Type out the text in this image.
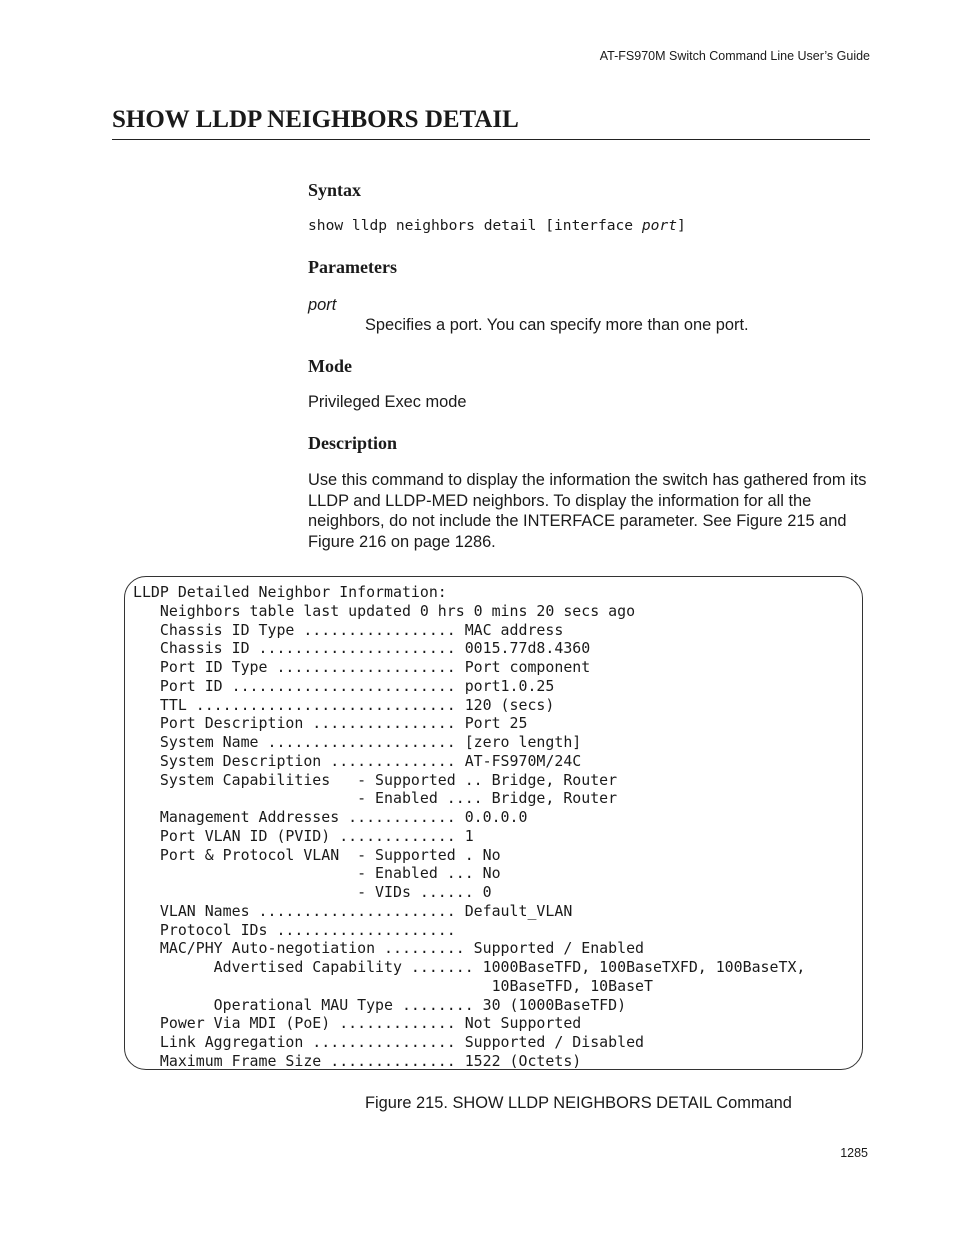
AT-FS970M Switch Command Line User’s Guide
SHOW LLDP NEIGHBORS DETAIL
Syntax
show lldp neighbors detail [interface port]
Parameters
port
Specifies a port. You can specify more than one port.
Mode
Privileged Exec mode
Description
Use this command to display the information the switch has gathered from its LLDP and LLDP-MED neighbors. To display the information for all the neighbors, do not include the INTERFACE parameter. See Figure 215 and Figure 216 on page 1286.
LLDP Detailed Neighbor Information:
Neighbors table last updated 0 hrs 0 mins 20 secs ago
Chassis ID Type ................. MAC address
Chassis ID ...................... 0015.77d8.4360
Port ID Type .................... Port component
Port ID ......................... port1.0.25
TTL ............................. 120 (secs)
Port Description ................ Port 25
System Name ..................... [zero length]
System Description .............. AT-FS970M/24C
System Capabilities   - Supported .. Bridge, Router
- Enabled .... Bridge, Router
Management Addresses ............ 0.0.0.0
Port VLAN ID (PVID) ............. 1
Port & Protocol VLAN  - Supported . No
- Enabled ... No
- VIDs ...... 0
VLAN Names ...................... Default_VLAN
Protocol IDs ....................
MAC/PHY Auto-negotiation ......... Supported / Enabled
Advertised Capability ....... 1000BaseTFD, 100BaseTXFD, 100BaseTX,
10BaseTFD, 10BaseT
Operational MAU Type ........ 30 (1000BaseTFD)
Power Via MDI (PoE) ............. Not Supported
Link Aggregation ................ Supported / Disabled
Maximum Frame Size .............. 1522 (Octets)
Figure 215. SHOW LLDP NEIGHBORS DETAIL Command
1285
